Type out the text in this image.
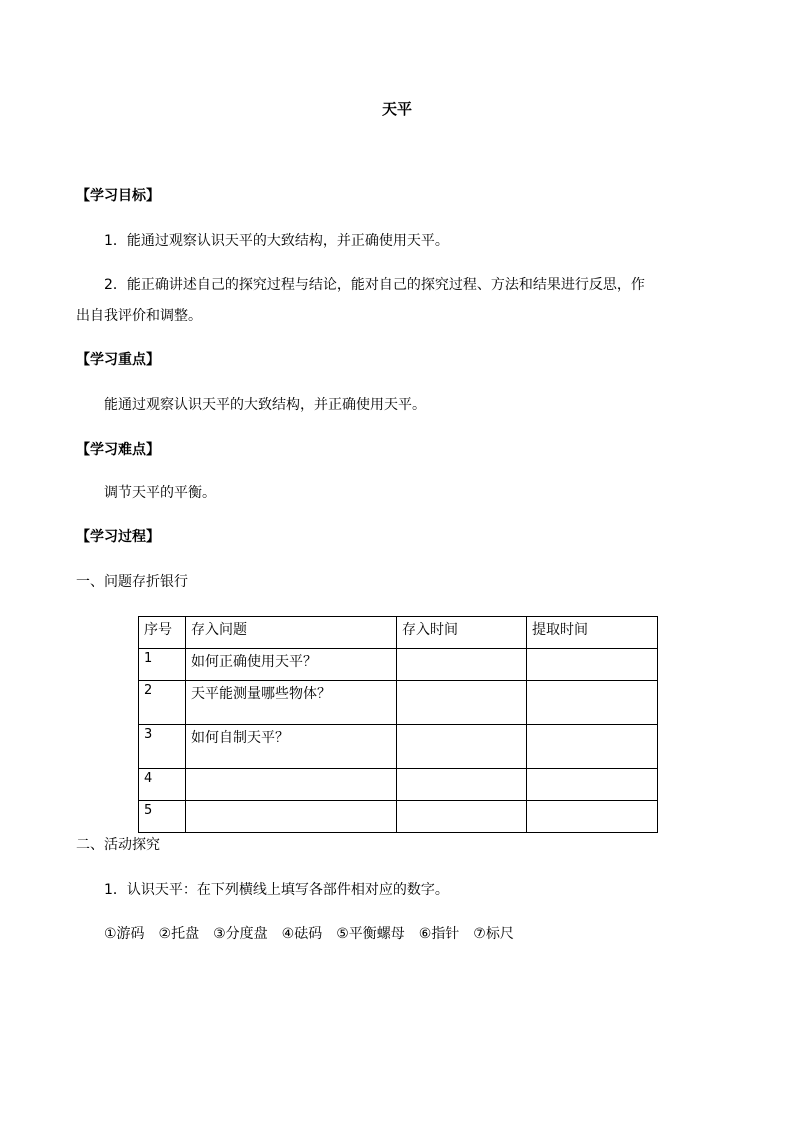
天平
【学习目标】
1．能通过观察认识天平的大致结构，并正确使用天平。
2．能正确讲述自己的探究过程与结论，能对自己的探究过程、方法和结果进行反思，作
出自我评价和调整。
【学习重点】
能通过观察认识天平的大致结构，并正确使用天平。
【学习难点】
调节天平的平衡。
【学习过程】
一、问题存折银行
序号	存入问题	存入时间	提取时间
1	如何正确使用天平？		
2	天平能测量哪些物体？		
3	如何自制天平？		
4			
5			
二、活动探究
1．认识天平：在下列横线上填写各部件相对应的数字。
①游码　②托盘　③分度盘　④砝码　⑤平衡螺母　⑥指针　⑦标尺
